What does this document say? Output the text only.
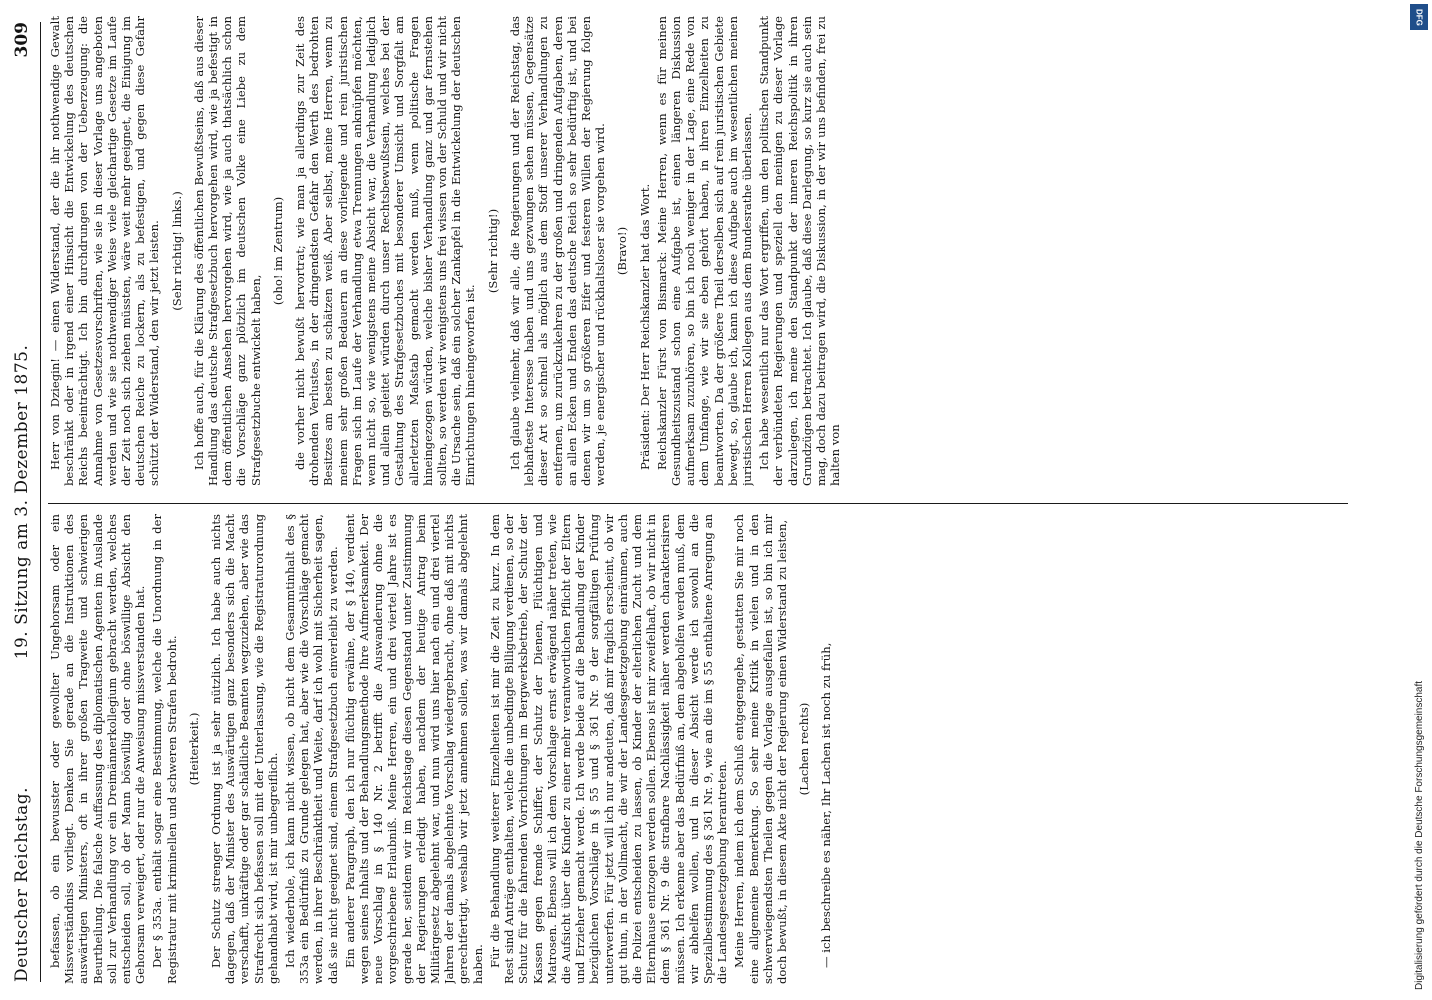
Deutscher Reichstag.
19. Sitzung am 3. Dezember 1875.
309

befassen, ob ein bewusster oder gewollter Ungehorsam oder ein Missverständniss vorliegt. Denken Sie gerade an die Instruktionen des auswärtigen Ministers, oft in ihrer großen Tragweite und schwierigen Beurtheilung. Die falsche Auffassung des diplomatischen Agenten im Auslande soll zur Verhandlung vor ein Dreimännerkollegium gebracht werden, welches entscheiden soll, ob der Mann böswillig oder ohne böswillige Absicht den Gehorsam verweigert, oder nur die Anweisung missverstanden hat. Der § 353a. enthält sogar eine Bestimmung, welche die Unordnung in der Registratur mit kriminellen und schweren Strafen bedroht. (Heiterkeit.) Der Schutz strenger Ordnung ist ja sehr nützlich. Ich habe auch nichts dagegen, daß der Minister des Auswärtigen ganz besonders sich die Macht verschafft, unkräftige oder gar schädliche Beamten wegzuziehen, aber wie das Strafrecht sich befassen soll mit der Unterlassung, wie die Registraturordnung gehandhabt wird, ist mir unbegreiflich. Ich wiederhole, ich kann nicht wissen, ob nicht dem Gesammtinhalt des § 353a ein Bedürfniß zu Grunde gelegen hat, aber wie die Vorschläge gemacht werden, in ihrer Beschränktheit und Weite, darf ich wohl mit Sicherheit sagen, daß sie nicht geeignet sind, einem Strafgesetzbuch einverleibt zu werden. Ein anderer Paragraph, den ich nur flüchtig erwähne, der § 140, verdient wegen seines Inhalts und der Behandlungsmethode Ihre Aufmerksamkeit. Der neue Vorschlag in § 140 Nr. 2 betrifft die Auswanderung ohne die vorgeschriebene Erlaubniß. Meine Herren, ein und drei viertel Jahre ist es gerade her, seitdem wir im Reichstage diesen Gegenstand unter Zustimmung der Regierungen erledigt haben, nachdem der heutige Antrag beim Militärgesetz abgelehnt war, und nun wird uns hier nach ein und drei viertel Jahren der damals abgelehnte Vorschlag wiedergebracht, ohne daß mit nichts gerechtfertigt, weshalb wir jetzt annehmen sollen, was wir damals abgelehnt haben. Für die Behandlung weiterer Einzelheiten ist mir die Zeit zu kurz. In dem Rest sind Anträge enthalten, welche die unbedingte Billigung verdienen, so der Schutz für die fahrenden Vorrichtungen im Bergwerksbetrieb, der Schutz der Kassen gegen fremde Schiffer, der Schutz der Dienen, Flüchtigen und Matrosen. Ebenso will ich dem Vorschlage ernst erwägend näher treten, wie die Aufsicht über die Kinder zu einer mehr verantwortlichen Pflicht der Eltern und Erzieher gemacht werde. Ich werde beide auf die Behandlung der Kinder bezüglichen Vorschläge in § 55 und § 361 Nr. 9 der sorgfältigen Prüfung unterwerfen. Für jetzt will ich nur andeuten, daß mir fraglich erscheint, ob wir gut thun, in der Vollmacht, die wir der Landesgesetzgebung einräumen, auch die Polizei entscheiden zu lassen, ob Kinder der elterlichen Zucht und dem Elternhause entzogen werden sollen. Ebenso ist mir zweifelhaft, ob wir nicht in dem § 361 Nr. 9 die strafbare Nachlässigkeit näher werden charakterisiren müssen. Ich erkenne aber das Bedürfniß an, dem abgeholfen werden muß, dem wir abhelfen wollen, und in dieser Absicht werde ich sowohl an die Spezialbestimmung des § 361 Nr. 9, wie an die im § 55 enthaltene Anregung an die Landesgesetzgebung herantreten. Meine Herren, indem ich dem Schluß entgegengehe, gestatten Sie mir noch eine allgemeine Bemerkung. So sehr meine Kritik in vielen und in den schwerwiegendsten Theilen gegen die Vorlage ausgefallen ist, so bin ich mir doch bewußt, in diesem Akte nicht der Regierung einen Widerstand zu leisten, (Lachen rechts) — ich beschreibe es näher, Ihr Lachen ist noch zu früh,

Herr von Dziegin! — einen Widerstand, der die ihr nothwendige Gewalt beschränkt oder in irgend einer Hinsicht die Entwickelung des deutschen Reichs beeinträchtigt. Ich bin durchdrungen von der Ueberzeugung: die Annahme von Gesetzesvorschriften, wie sie in dieser Vorlage uns angeboten werden und wie sie nothwendiger Weise viele gleichartige Gesetze im Laufe der Zeit noch sich ziehen müssten, wäre weit mehr geeignet, die Einigung im deutschen Reiche zu lockern, als zu befestigen, und gegen diese Gefahr schützt der Widerstand, den wir jetzt leisten. (Sehr richtig! links.) Ich hoffe auch, für die Klärung des öffentlichen Bewußtseins, daß aus dieser Handlung das deutsche Strafgesetzbuch hervorgehen wird, wie ja befestigt in dem öffentlichen Ansehen hervorgehen wird, wie ja auch thatsächlich schon die Vorschläge ganz plötzlich im deutschen Volke eine Liebe zu dem Strafgesetzbuche entwickelt haben,

(oho! im Zentrum) die vorher nicht bewußt hervortrat; wie man ja allerdings zur Zeit des drohenden Verlustes, in der dringendsten Gefahr den Werth des bedrohten Besitzes am besten zu schätzen weiß. Aber selbst, meine Herren, wenn zu meinem sehr großen Bedauern an diese vorliegende und rein juristischen Fragen sich im Laufe der Verhandlung etwa Trennungen anknüpfen möchten, wenn nicht so, wie wenigstens meine Absicht war, die Verhandlung lediglich und allein geleitet würden durch unser Rechtsbewußtsein, welches bei der Gestaltung des Strafgesetzbuches mit besonderer Umsicht und Sorgfalt am allerletzten Maßstab gemacht werden muß, wenn politische Fragen hineingezogen würden, welche bisher Verhandlung ganz und gar fernstehen sollten, so werden wir wenigstens uns frei wissen von der Schuld und wir nicht die Ursache sein, daß ein solcher Zankapfel in die Entwickelung der deutschen Einrichtungen hineingeworfen ist.

(Sehr richtig!) Ich glaube vielmehr, daß wir alle, die Regierungen und der Reichstag, das lebhafteste Interesse haben und uns gezwungen sehen müssen, Gegensätze dieser Art so schnell als möglich aus dem Stoff unserer Verhandlungen zu entfernen, um zurückzukehren zu der großen und dringenden Aufgaben, deren an allen Ecken und Enden das deutsche Reich so sehr bedürftig ist, und bei denen wir um so größeren Eifer und festeren Willen der Regierung folgen werden, je energischer und rückhaltsloser sie vorgehen wird. (Bravo!) Präsident: Der Herr Reichskanzler hat das Wort. Reichskanzler Fürst von Bismarck: Meine Herren, wenn es für meinen Gesundheitszustand schon eine Aufgabe ist, einen längeren Diskussion aufmerksam zuzuhören, so bin ich noch weniger in der Lage, eine Rede von dem Umfange, wie wir sie eben gehört haben, in ihren Einzelheiten zu beantworten. Da der größere Theil derselben sich auf rein juristischen Gebiete bewegt, so, glaube ich, kann ich diese Aufgabe auch im wesentlichen meinen juristischen Herren Kollegen aus dem Bundesrathe überlassen. Ich habe wesentlich nur das Wort ergriffen, um den politischen Standpunkt der verbündeten Regierungen und speziell den meinigen zu dieser Vorlage darzulegen, ich meine den Standpunkt der inneren Reichspolitik in ihren Grundzügen betrachtet. Ich glaube, daß diese Darlegung, so kurz sie auch sein mag, doch dazu beitragen wird, die Diskussion, in der wir uns befinden, frei zu halten von

DFG
Digitalisierung gefördert durch die Deutsche Forschungsgemeinschaft
